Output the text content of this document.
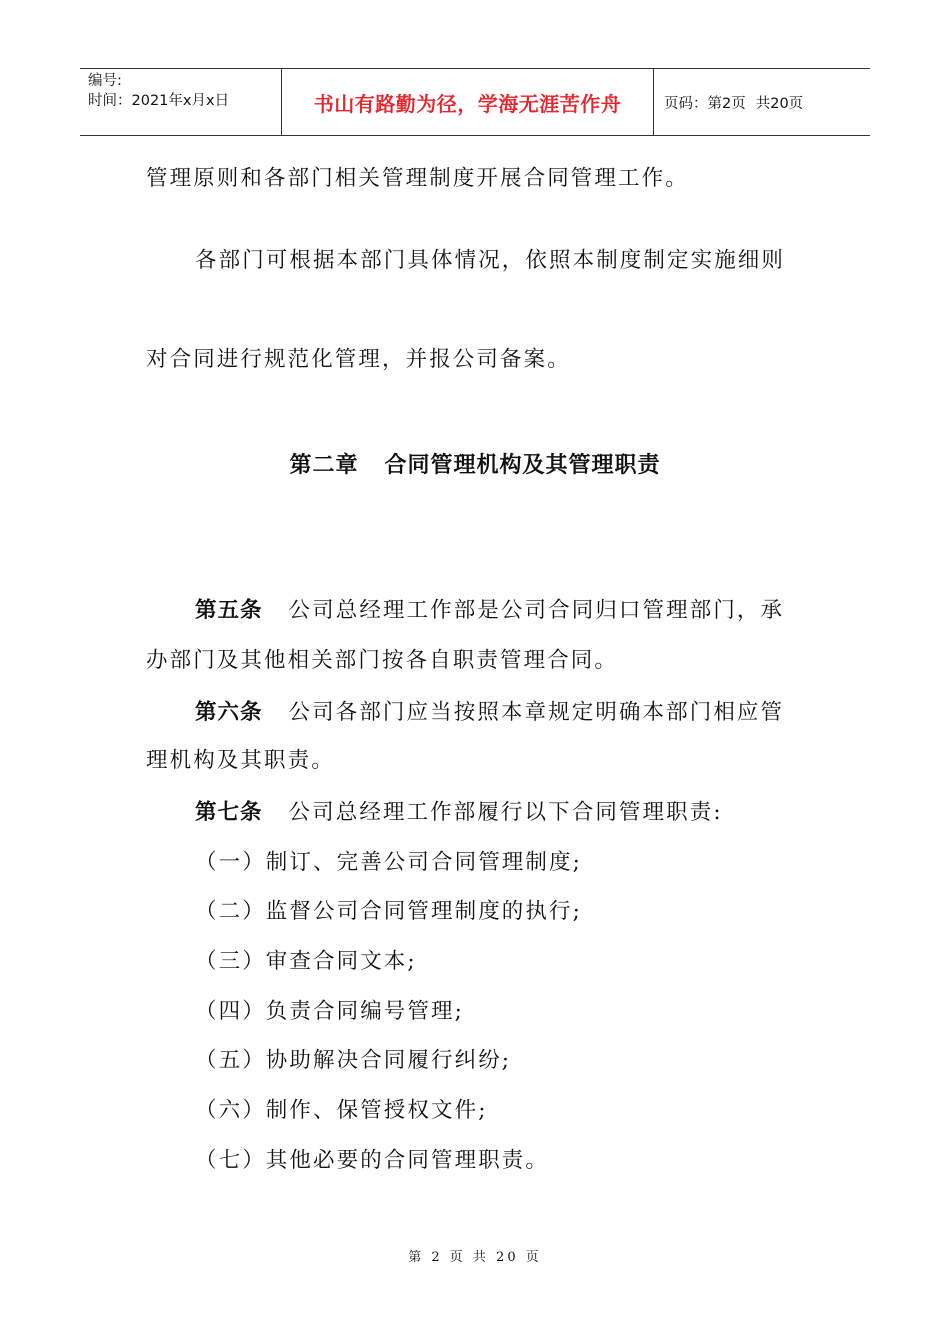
编号:
时间：2021年x月x日	书山有路勤为径，学海无涯苦作舟	页码：第2页 共20页
管理原则和各部门相关管理制度开展合同管理工作。
各部门可根据本部门具体情况，依照本制度制定实施细则
对合同进行规范化管理，并报公司备案。
第二章 合同管理机构及其管理职责
第五条 公司总经理工作部是公司合同归口管理部门，承
办部门及其他相关部门按各自职责管理合同。
第六条 公司各部门应当按照本章规定明确本部门相应管
理机构及其职责。
第七条 公司总经理工作部履行以下合同管理职责:
（一）制订、完善公司合同管理制度;
（二）监督公司合同管理制度的执行;
（三）审查合同文本;
（四）负责合同编号管理;
（五）协助解决合同履行纠纷;
（六）制作、保管授权文件;
（七）其他必要的合同管理职责。
第 2 页 共 20 页
